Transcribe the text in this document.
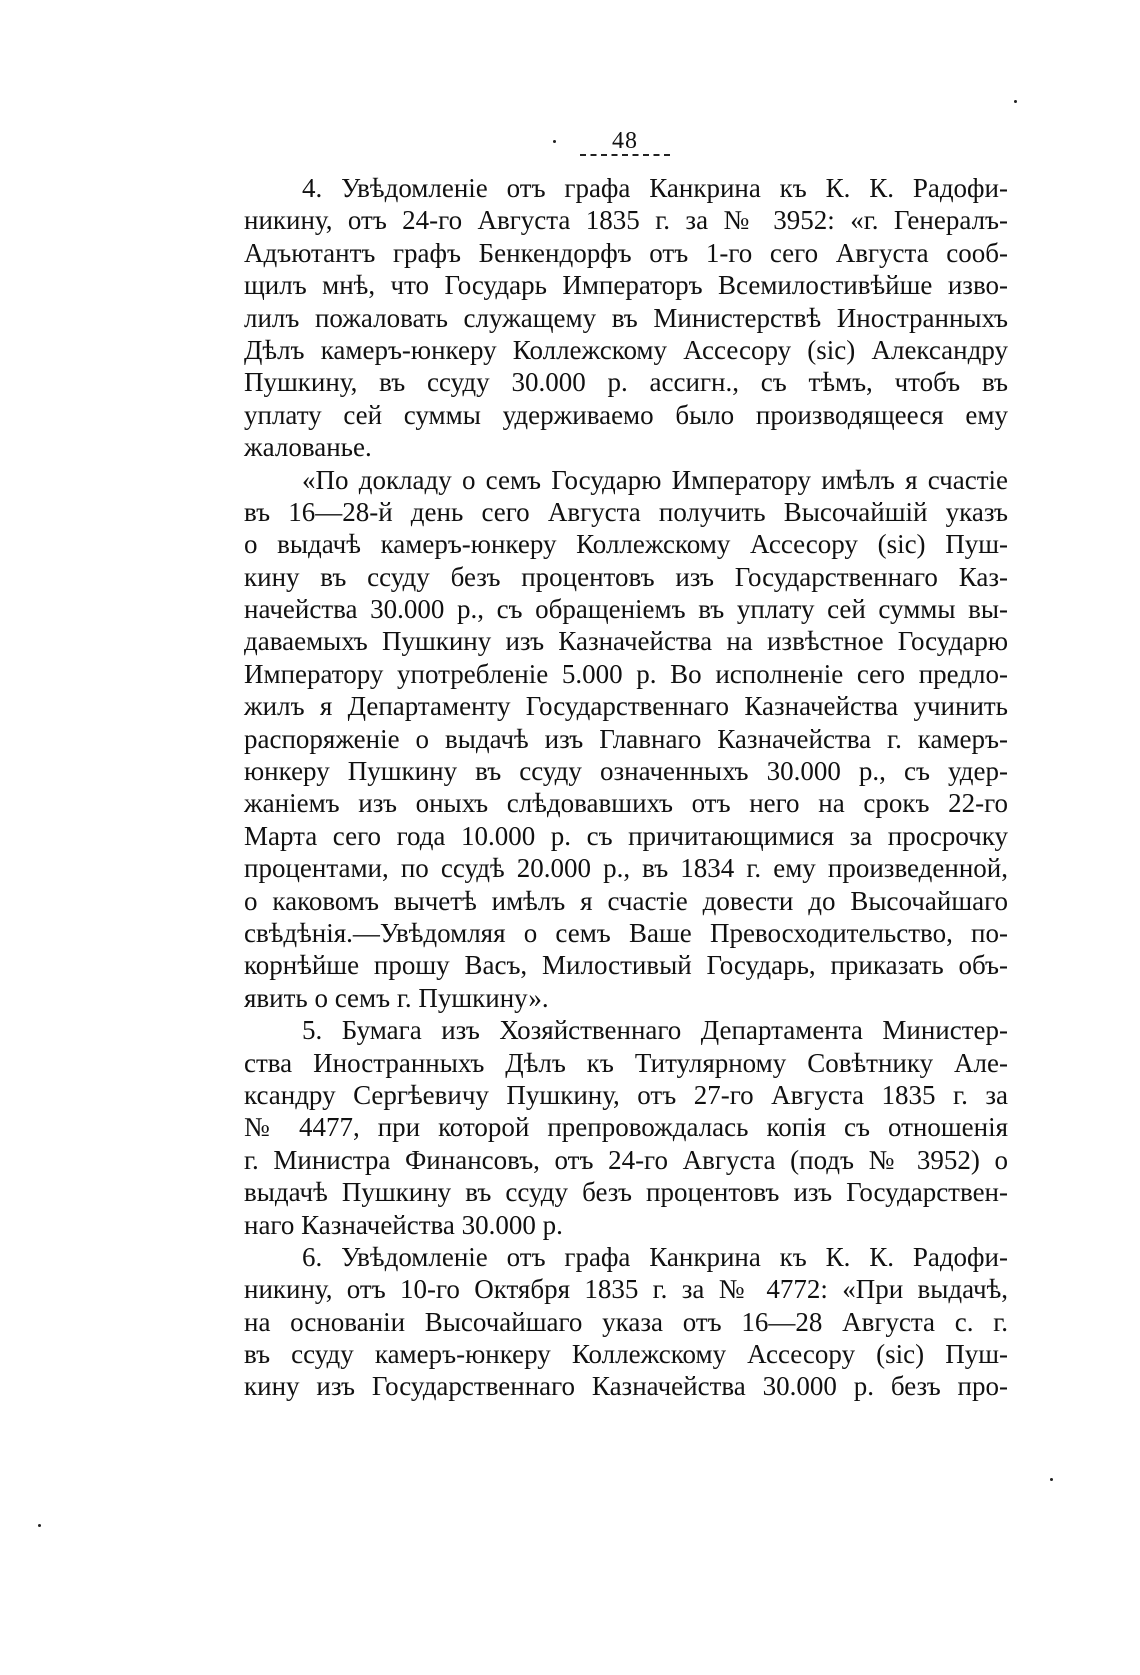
48
4. Увѣдомленіе отъ графа Канкрина къ К. К. Радофи-
никину, отъ 24-го Августа 1835 г. за № 3952: «г. Генералъ-
Адъютантъ графъ Бенкендорфъ отъ 1-го сего Августа сооб-
щилъ мнѣ, что Государь Императоръ Всемилостивѣйше изво-
лилъ пожаловать служащему въ Министерствѣ Иностранныхъ
Дѣлъ камеръ-юнкеру Коллежскому Ассесору (sic) Александру
Пушкину, въ ссуду 30.000 р. ассигн., съ тѣмъ, чтобъ въ
уплату сей суммы удерживаемо было производящееся ему
жалованье.
«По докладу о семъ Государю Императору имѣлъ я счастіе
въ 16—28-й день сего Августа получить Высочайшій указъ
о выдачѣ камеръ-юнкеру Коллежскому Ассесору (sic) Пуш-
кину въ ссуду безъ процентовъ изъ Государственнаго Каз-
начейства 30.000 р., съ обращеніемъ въ уплату сей суммы вы-
даваемыхъ Пушкину изъ Казначейства на извѣстное Государю
Императору употребленіе 5.000 р. Во исполненіе сего предло-
жилъ я Департаменту Государственнаго Казначейства учинить
распоряженіе о выдачѣ изъ Главнаго Казначейства г. камеръ-
юнкеру Пушкину въ ссуду означенныхъ 30.000 р., съ удер-
жаніемъ изъ оныхъ слѣдовавшихъ отъ него на срокъ 22-го
Марта сего года 10.000 р. съ причитающимися за просрочку
процентами, по ссудѣ 20.000 р., въ 1834 г. ему произведенной,
о каковомъ вычетѣ имѣлъ я счастіе довести до Высочайшаго
свѣдѣнія.—Увѣдомляя о семъ Ваше Превосходительство, по-
корнѣйше прошу Васъ, Милостивый Государь, приказать объ-
явить о семъ г. Пушкину».
5. Бумага изъ Хозяйственнаго Департамента Министер-
ства Иностранныхъ Дѣлъ къ Титулярному Совѣтнику Але-
ксандру Сергѣевичу Пушкину, отъ 27-го Августа 1835 г. за
№ 4477, при которой препровождалась копія съ отношенія
г. Министра Финансовъ, отъ 24-го Августа (подъ № 3952) о
выдачѣ Пушкину въ ссуду безъ процентовъ изъ Государствен-
наго Казначейства 30.000 р.
6. Увѣдомленіе отъ графа Канкрина къ К. К. Радофи-
никину, отъ 10-го Октября 1835 г. за № 4772: «При выдачѣ,
на основаніи Высочайшаго указа отъ 16—28 Августа с. г.
въ ссуду камеръ-юнкеру Коллежскому Ассесору (sic) Пуш-
кину изъ Государственнаго Казначейства 30.000 р. безъ про-
